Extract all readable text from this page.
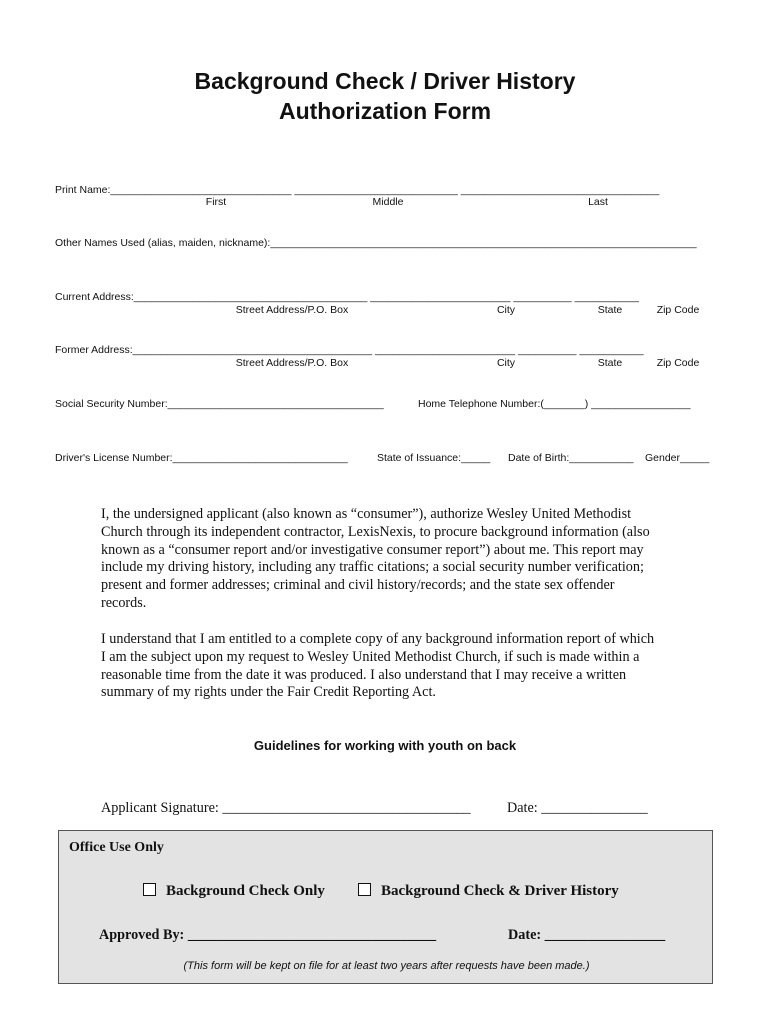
Background Check / Driver History
Authorization Form
Print Name:_______________________________ ____________________________ __________________________________
First	Middle	Last
Other Names Used (alias, maiden, nickname):_________________________________________________________________________
Current Address:________________________________________ ________________________ __________ ___________
Street Address/P.O. Box	City	State	Zip Code
Former Address:_________________________________________ ________________________ __________ ___________
Street Address/P.O. Box	City	State	Zip Code
Social Security Number:_____________________________________	Home Telephone Number:(_______) _________________
Driver's License Number:______________________________	State of Issuance:_____ Date of Birth:___________ Gender_____

I, the undersigned applicant (also known as “consumer”), authorize Wesley United Methodist Church through its independent contractor, LexisNexis, to procure background information (also known as a “consumer report and/or investigative consumer report”) about me. This report may include my driving history, including any traffic citations; a social security number verification; present and former addresses; criminal and civil history/records; and the state sex offender records.

I understand that I am entitled to a complete copy of any background information report of which I am the subject upon my request to Wesley United Methodist Church, if such is made within a reasonable time from the date it was produced. I also understand that I may receive a written summary of my rights under the Fair Credit Reporting Act.

Guidelines for working with youth on back
Applicant Signature: ___________________________________	Date: _______________
Office Use Only
Background Check Only	Background Check & Driver History
Approved By: ___________________________________	Date: _________________
(This form will be kept on file for at least two years after requests have been made.)
